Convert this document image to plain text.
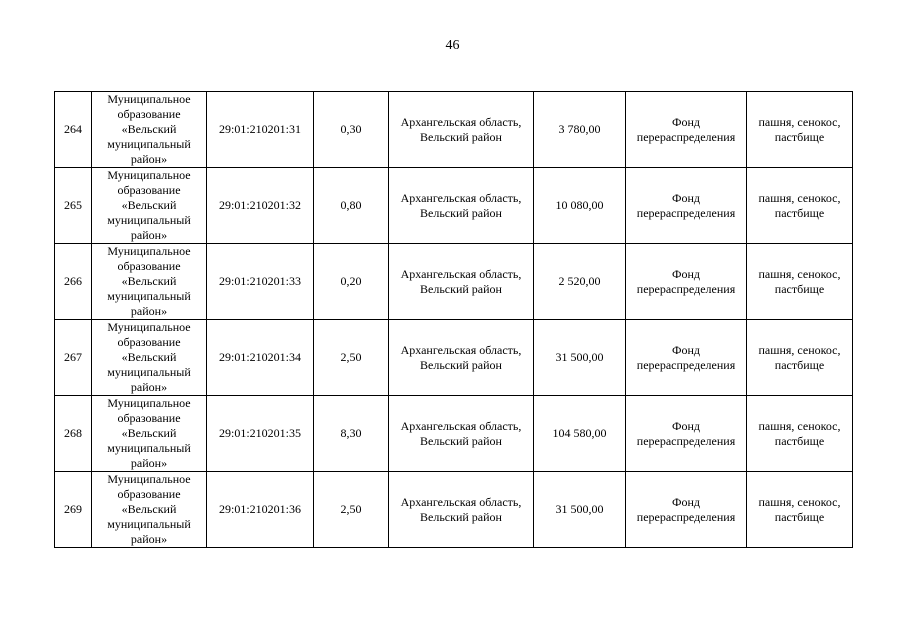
46
264	Муниципальное образование «Вельский муниципальный район»	29:01:210201:31	0,30	Архангельская область, Вельский район	3 780,00	Фонд перераспределения	пашня, сенокос, пастбище
265	Муниципальное образование «Вельский муниципальный район»	29:01:210201:32	0,80	Архангельская область, Вельский район	10 080,00	Фонд перераспределения	пашня, сенокос, пастбище
266	Муниципальное образование «Вельский муниципальный район»	29:01:210201:33	0,20	Архангельская область, Вельский район	2 520,00	Фонд перераспределения	пашня, сенокос, пастбище
267	Муниципальное образование «Вельский муниципальный район»	29:01:210201:34	2,50	Архангельская область, Вельский район	31 500,00	Фонд перераспределения	пашня, сенокос, пастбище
268	Муниципальное образование «Вельский муниципальный район»	29:01:210201:35	8,30	Архангельская область, Вельский район	104 580,00	Фонд перераспределения	пашня, сенокос, пастбище
269	Муниципальное образование «Вельский муниципальный район»	29:01:210201:36	2,50	Архангельская область, Вельский район	31 500,00	Фонд перераспределения	пашня, сенокос, пастбище
